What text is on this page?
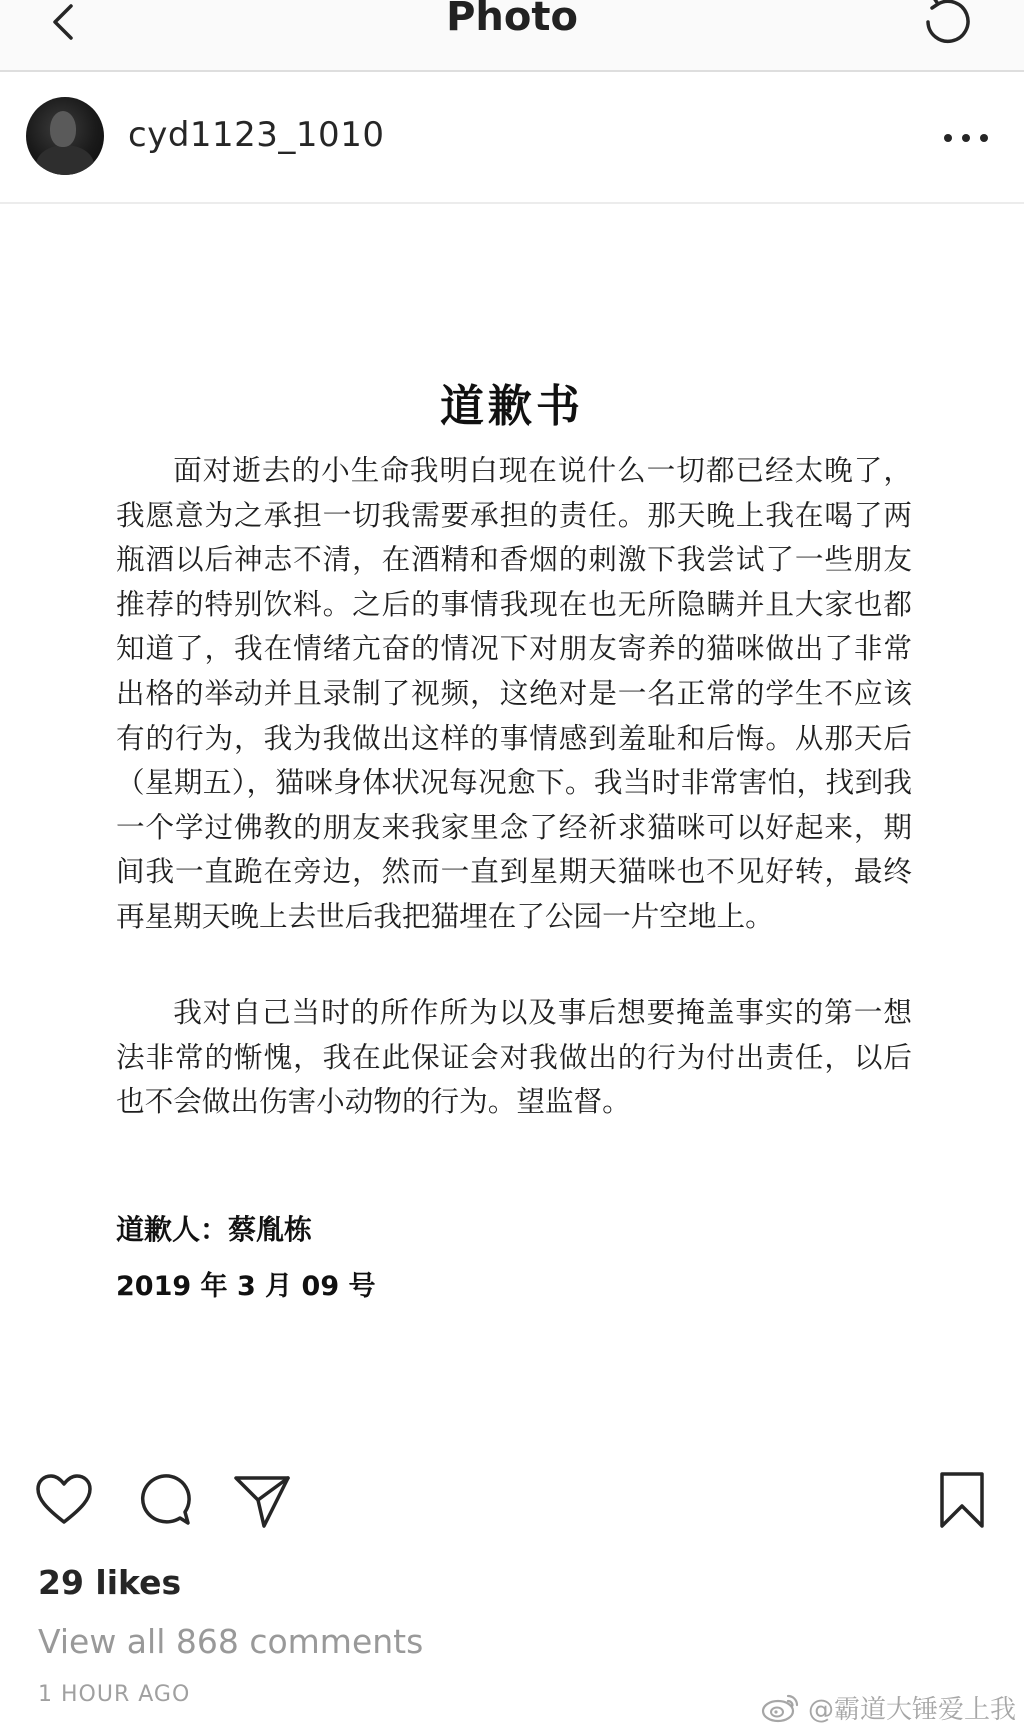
Photo
cyd1123_1010
道歉书

面对逝去的小生命我明白现在说什么一切都已经太晚了，我愿意为之承担一切我需要承担的责任。那天晚上我在喝了两瓶酒以后神志不清，在酒精和香烟的刺激下我尝试了一些朋友推荐的特别饮料。之后的事情我现在也无所隐瞒并且大家也都知道了，我在情绪亢奋的情况下对朋友寄养的猫咪做出了非常出格的举动并且录制了视频，这绝对是一名正常的学生不应该有的行为，我为我做出这样的事情感到羞耻和后悔。从那天后（星期五），猫咪身体状况每况愈下。我当时非常害怕，找到我一个学过佛教的朋友来我家里念了经祈求猫咪可以好起来，期间我一直跪在旁边，然而一直到星期天猫咪也不见好转，最终再星期天晚上去世后我把猫埋在了公园一片空地上。

我对自己当时的所作所为以及事后想要掩盖事实的第一想法非常的惭愧，我在此保证会对我做出的行为付出责任，以后也不会做出伤害小动物的行为。望监督。

道歉人：蔡胤栋
2019 年 3 月 09 号
29 likes
View all 868 comments
1 HOUR AGO	@霸道大锤爱上我
